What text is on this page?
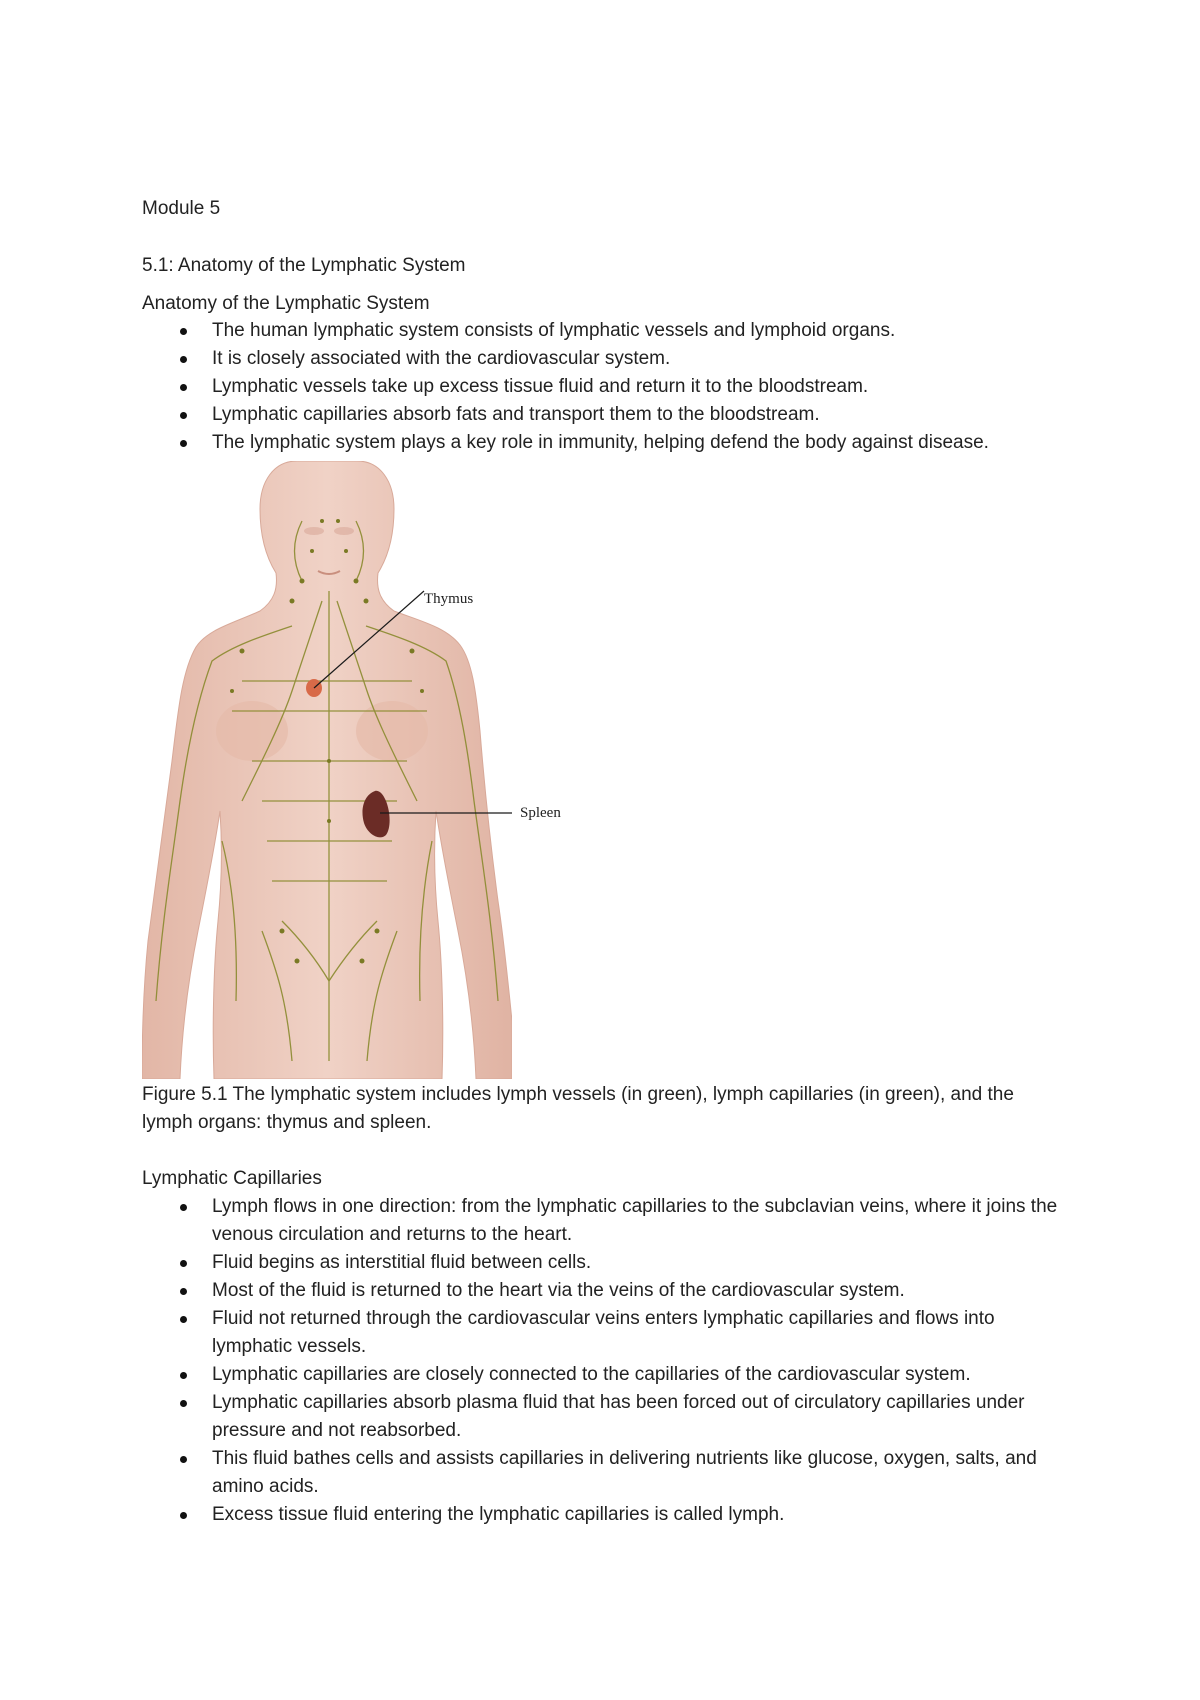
Module 5
5.1: Anatomy of the Lymphatic System
Anatomy of the Lymphatic System
The human lymphatic system consists of lymphatic vessels and lymphoid organs.
It is closely associated with the cardiovascular system.
Lymphatic vessels take up excess tissue fluid and return it to the bloodstream.
Lymphatic capillaries absorb fats and transport them to the bloodstream.
The lymphatic system plays a key role in immunity, helping defend the body against disease.
Thymus
Spleen
Figure 5.1 The lymphatic system includes lymph vessels (in green), lymph capillaries (in green), and the lymph organs: thymus and spleen.
Lymphatic Capillaries
Lymph flows in one direction: from the lymphatic capillaries to the subclavian veins, where it joins the venous circulation and returns to the heart.
Fluid begins as interstitial fluid between cells.
Most of the fluid is returned to the heart via the veins of the cardiovascular system.
Fluid not returned through the cardiovascular veins enters lymphatic capillaries and flows into lymphatic vessels.
Lymphatic capillaries are closely connected to the capillaries of the cardiovascular system.
Lymphatic capillaries absorb plasma fluid that has been forced out of circulatory capillaries under pressure and not reabsorbed.
This fluid bathes cells and assists capillaries in delivering nutrients like glucose, oxygen, salts, and amino acids.
Excess tissue fluid entering the lymphatic capillaries is called lymph.
